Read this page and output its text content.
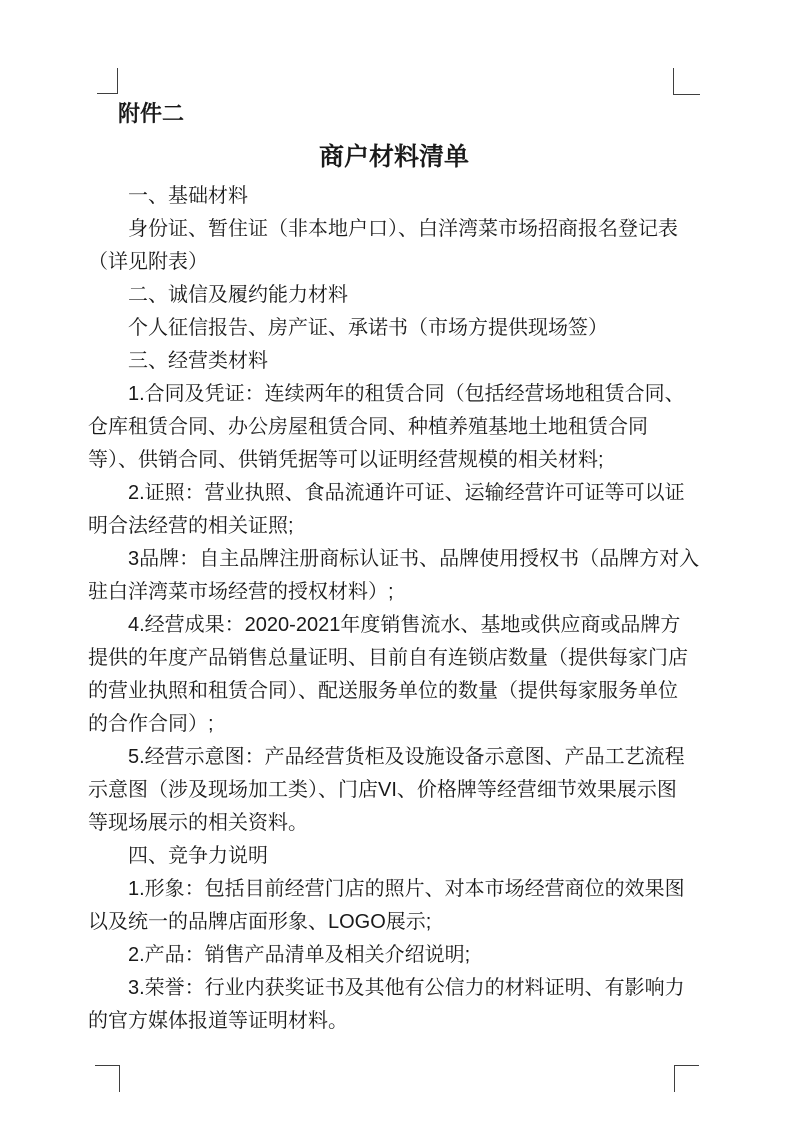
附件二
商户材料清单
一、基础材料
身份证、暂住证（非本地户口）、白洋湾菜市场招商报名登记表
（详见附表）
二、诚信及履约能力材料
个人征信报告、房产证、承诺书（市场方提供现场签）
三、经营类材料
1.合同及凭证：连续两年的租赁合同（包括经营场地租赁合同、
仓库租赁合同、办公房屋租赁合同、种植养殖基地土地租赁合同
等）、供销合同、供销凭据等可以证明经营规模的相关材料;
2.证照：营业执照、食品流通许可证、运输经营许可证等可以证
明合法经营的相关证照;
3品牌：自主品牌注册商标认证书、品牌使用授权书（品牌方对入
驻白洋湾菜市场经营的授权材料）;
4.经营成果：2020-2021年度销售流水、基地或供应商或品牌方
提供的年度产品销售总量证明、目前自有连锁店数量（提供每家门店
的营业执照和租赁合同）、配送服务单位的数量（提供每家服务单位
的合作合同）;
5.经营示意图：产品经营货柜及设施设备示意图、产品工艺流程
示意图（涉及现场加工类）、门店VI、价格牌等经营细节效果展示图
等现场展示的相关资料。
四、竞争力说明
1.形象：包括目前经营门店的照片、对本市场经营商位的效果图
以及统一的品牌店面形象、LOGO展示;
2.产品：销售产品清单及相关介绍说明;
3.荣誉：行业内获奖证书及其他有公信力的材料证明、有影响力
的官方媒体报道等证明材料。
